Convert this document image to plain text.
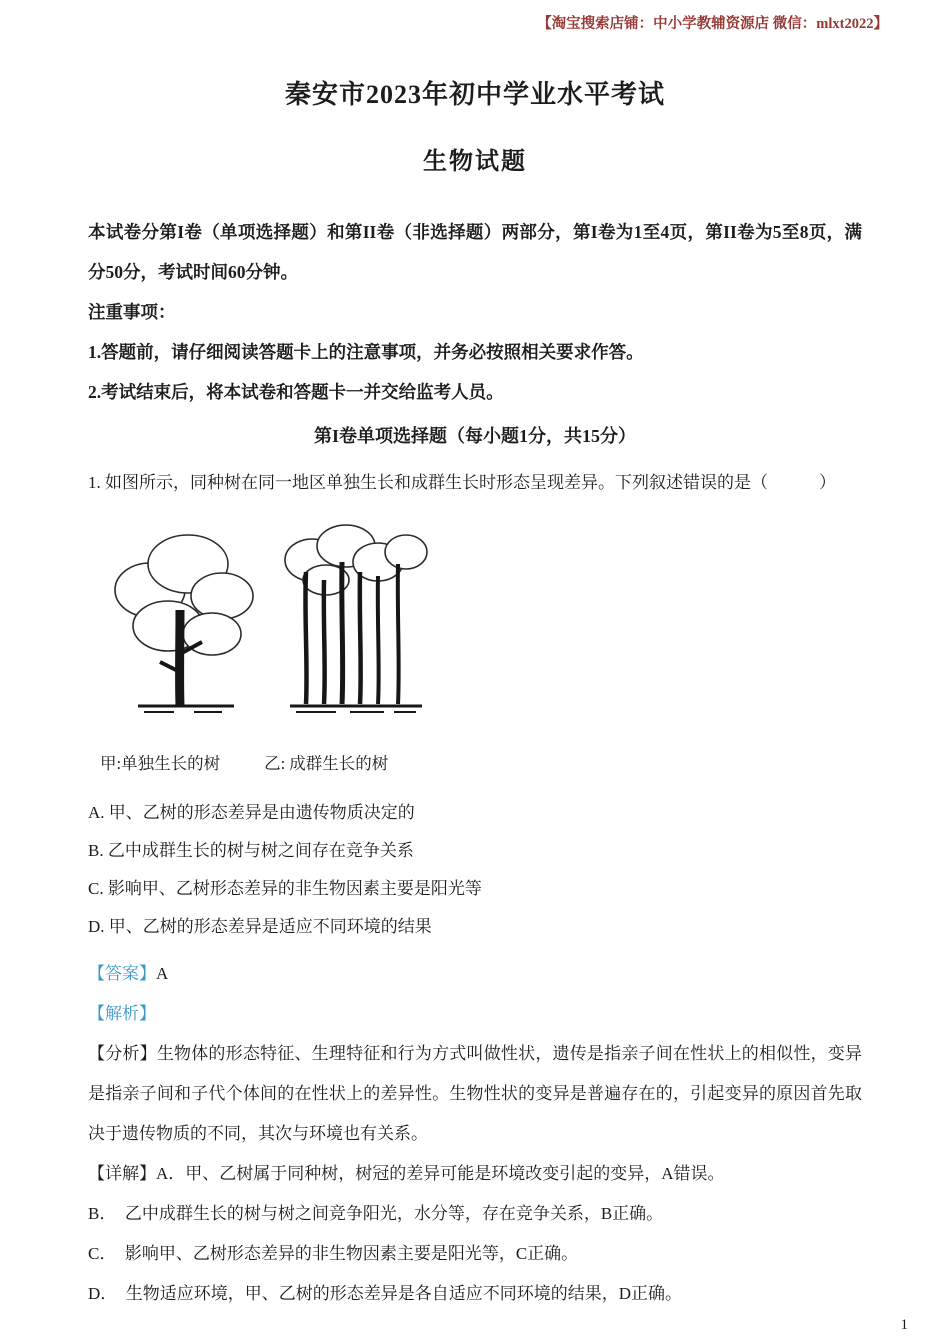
【淘宝搜索店铺：中小学教辅资源店 微信：mlxt2022】
秦安市2023年初中学业水平考试
生物试题

本试卷分第I卷（单项选择题）和第II卷（非选择题）两部分，第I卷为1至4页，第II卷为5至8页，满分50分，考试时间60分钟。

注重事项：

1.答题前，请仔细阅读答题卡上的注意事项，并务必按照相关要求作答。

2.考试结束后，将本试卷和答题卡一并交给监考人员。

第I卷单项选择题（每小题1分，共15分）

1. 如图所示，同种树在同一地区单独生长和成群生长时形态呈现差异。下列叙述错误的是（　　　）

甲:单独生长的树	乙: 成群生长的树

A. 甲、乙树的形态差异是由遗传物质决定的

B. 乙中成群生长的树与树之间存在竞争关系

C. 影响甲、乙树形态差异的非生物因素主要是阳光等

D. 甲、乙树的形态差异是适应不同环境的结果

【答案】A

【解析】

【分析】生物体的形态特征、生理特征和行为方式叫做性状，遗传是指亲子间在性状上的相似性，变异是指亲子间和子代个体间的在性状上的差异性。生物性状的变异是普遍存在的，引起变异的原因首先取决于遗传物质的不同，其次与环境也有关系。

【详解】A．甲、乙树属于同种树，树冠的差异可能是环境改变引起的变异，A错误。

B．　乙中成群生长的树与树之间竞争阳光，水分等，存在竞争关系，B正确。

C．　影响甲、乙树形态差异的非生物因素主要是阳光等，C正确。

D．　生物适应环境，甲、乙树的形态差异是各自适应不同环境的结果，D正确。

1
